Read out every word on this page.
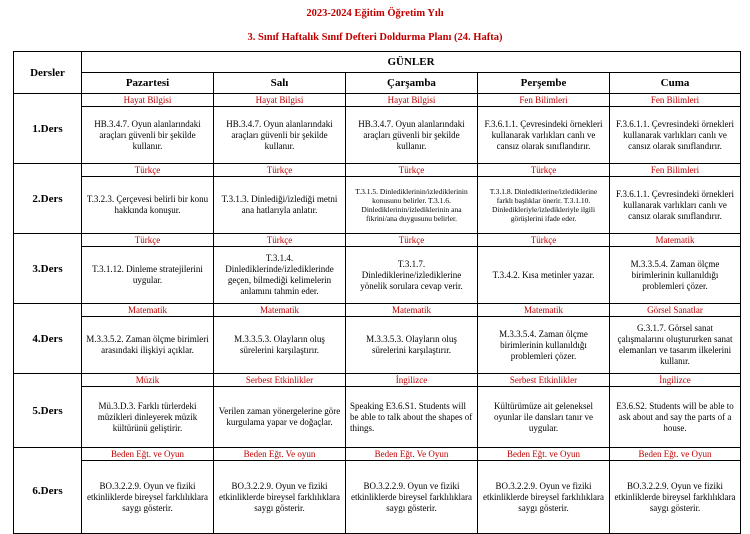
2023-2024 Eğitim Öğretim Yılı
3. Sınıf Haftalık Sınıf Defteri Doldurma Planı (24. Hafta)
Dersler	GÜNLER				
	Pazartesi	Salı	Çarşamba	Perşembe	Cuma
1.Ders	Hayat Bilgisi	Hayat Bilgisi	Hayat Bilgisi	Fen Bilimleri	Fen Bilimleri
	HB.3.4.7. Oyun alanlarındaki araçları güvenli bir şekilde kullanır.	HB.3.4.7. Oyun alanlarındaki araçları güvenli bir şekilde kullanır.	HB.3.4.7. Oyun alanlarındaki araçları güvenli bir şekilde kullanır.	F.3.6.1.1. Çevresindeki örnekleri kullanarak varlıkları canlı ve cansız olarak sınıflandırır.	F.3.6.1.1. Çevresindeki örnekleri kullanarak varlıkları canlı ve cansız olarak sınıflandırır.
2.Ders	Türkçe	Türkçe	Türkçe	Türkçe	Fen Bilimleri
	T.3.2.3. Çerçevesi belirli bir konu hakkında konuşur.	T.3.1.3. Dinlediği/izlediği metni ana hatlarıyla anlatır.	T.3.1.5. Dinlediklerinin/izlediklerinin konusunu belirler. T.3.1.6. Dinlediklerinin/izlediklerinin ana fikrini/ana duygusunu belirler.	T.3.1.8. Dinlediklerine/izlediklerine farklı başlıklar önerir. T.3.1.10. Dinledikleriyle/izledikleriyle ilgili görüşlerini ifade eder.	F.3.6.1.1. Çevresindeki örnekleri kullanarak varlıkları canlı ve cansız olarak sınıflandırır.
3.Ders	Türkçe	Türkçe	Türkçe	Türkçe	Matematik
	T.3.1.12. Dinleme stratejilerini uygular.	T.3.1.4. Dinlediklerinde/izlediklerinde geçen, bilmediği kelimelerin anlamını tahmin eder.	T.3.1.7. Dinlediklerine/izlediklerine yönelik sorulara cevap verir.	T.3.4.2. Kısa metinler yazar.	M.3.3.5.4. Zaman ölçme birimlerinin kullanıldığı problemleri çözer.
4.Ders	Matematik	Matematik	Matematik	Matematik	Görsel Sanatlar
	M.3.3.5.2. Zaman ölçme birimleri arasındaki ilişkiyi açıklar.	M.3.3.5.3. Olayların oluş sürelerini karşılaştırır.	M.3.3.5.3. Olayların oluş sürelerini karşılaştırır.	M.3.3.5.4. Zaman ölçme birimlerinin kullanıldığı problemleri çözer.	G.3.1.7. Görsel sanat çalışmalarını oluştururken sanat elemanları ve tasarım ilkelerini kullanır.
5.Ders	Müzik	Serbest Etkinlikler	İngilizce	Serbest Etkinlikler	İngilizce
	Mü.3.D.3. Farklı türlerdeki müzikleri dinleyerek müzik kültürünü geliştirir.	Verilen zaman yönergelerine göre kurgulama yapar ve doğaçlar.	Speaking E3.6.S1. Students will be able to talk about the shapes of things.	Kültürümüze ait geleneksel oyunlar ile dansları tanır ve uygular.	E3.6.S2. Students will be able to ask about and say the parts of a house.
6.Ders	Beden Eğt. ve Oyun	Beden Eğt. Ve oyun	Beden Eğt. Ve Oyun	Beden Eğt. ve Oyun	Beden Eğt. ve Oyun
	BO.3.2.2.9. Oyun ve fiziki etkinliklerde bireysel farklılıklara saygı gösterir.	BO.3.2.2.9. Oyun ve fiziki etkinliklerde bireysel farklılıklara saygı gösterir.	BO.3.2.2.9. Oyun ve fiziki etkinliklerde bireysel farklılıklara saygı gösterir.	BO.3.2.2.9. Oyun ve fiziki etkinliklerde bireysel farklılıklara saygı gösterir.	BO.3.2.2.9. Oyun ve fiziki etkinliklerde bireysel farklılıklara saygı gösterir.
